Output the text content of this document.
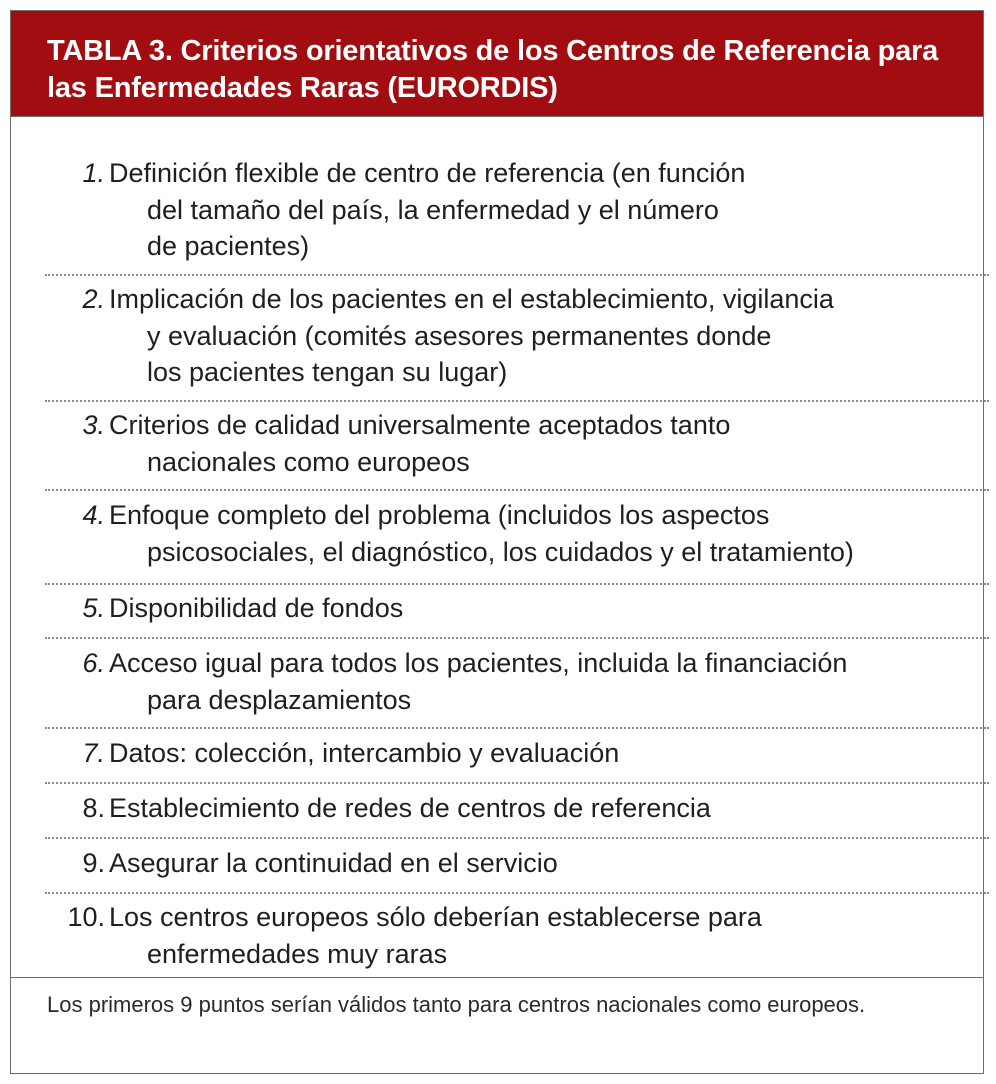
TABLA 3. Criterios orientativos de los Centros de Referencia para las Enfermedades Raras (EURORDIS)
1. Definición flexible de centro de referencia (en función
del tamaño del país, la enfermedad y el número
de pacientes)

2. Implicación de los pacientes en el establecimiento, vigilancia
y evaluación (comités asesores permanentes donde
los pacientes tengan su lugar)

3. Criterios de calidad universalmente aceptados tanto
nacionales como europeos

4. Enfoque completo del problema (incluidos los aspectos
psicosociales, el diagnóstico, los cuidados y el tratamiento)

5. Disponibilidad de fondos

6. Acceso igual para todos los pacientes, incluida la financiación
para desplazamientos

7. Datos: colección, intercambio y evaluación

8. Establecimiento de redes de centros de referencia

9. Asegurar la continuidad en el servicio

10. Los centros europeos sólo deberían establecerse para
enfermedades muy raras

Los primeros 9 puntos serían válidos tanto para centros nacionales como europeos.
